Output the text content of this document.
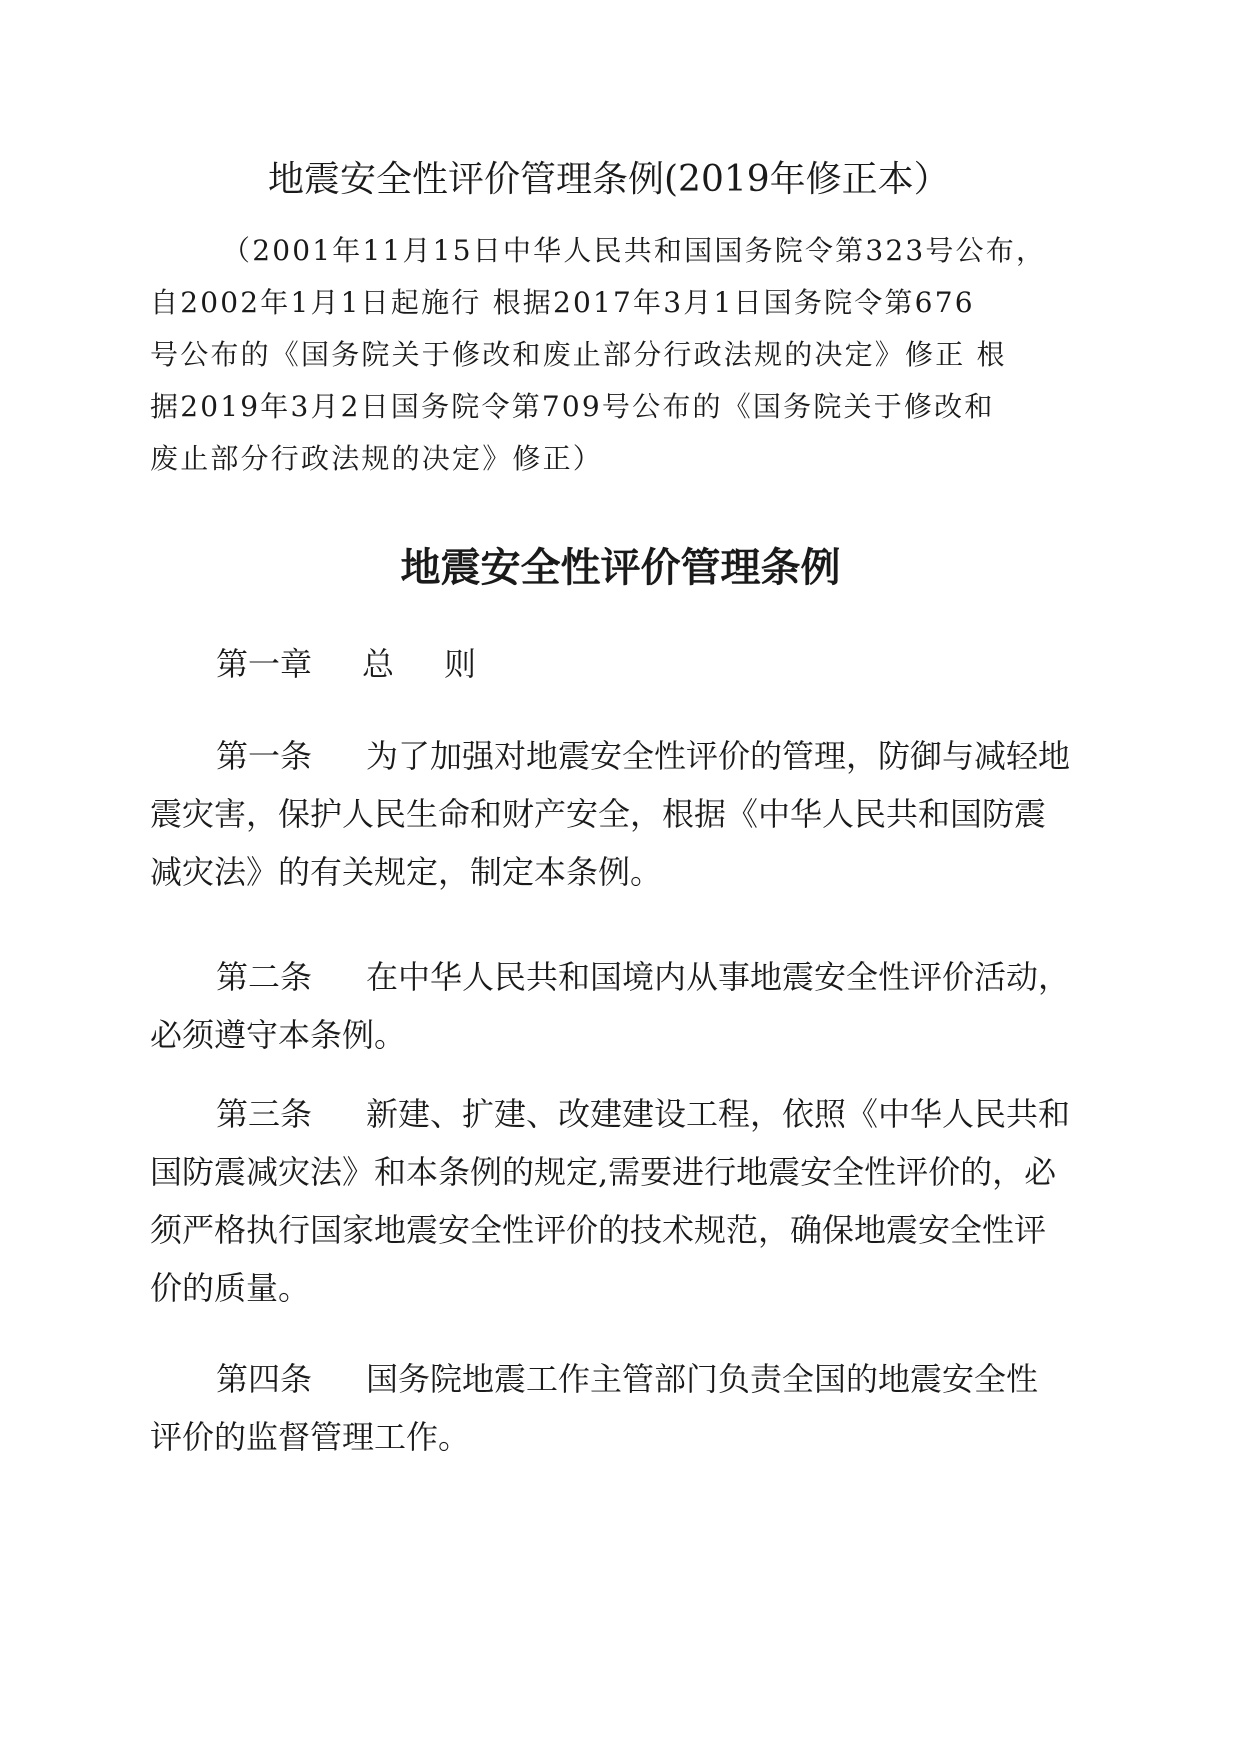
地震安全性评价管理条例(2019年修正本）
（2001年11月15日中华人民共和国国务院令第323号公布，
自2002年1月1日起施行 根据2017年3月1日国务院令第676
号公布的《国务院关于修改和废止部分行政法规的决定》修正 根
据2019年3月2日国务院令第709号公布的《国务院关于修改和
废止部分行政法规的决定》修正）
地震安全性评价管理条例
第一章 总 则
第一条 为了加强对地震安全性评价的管理，防御与减轻地
震灾害，保护人民生命和财产安全，根据《中华人民共和国防震
减灾法》的有关规定，制定本条例。
第二条 在中华人民共和国境内从事地震安全性评价活动，
必须遵守本条例。
第三条 新建、扩建、改建建设工程，依照《中华人民共和
国防震减灾法》和本条例的规定,需要进行地震安全性评价的，必
须严格执行国家地震安全性评价的技术规范，确保地震安全性评
价的质量。
第四条 国务院地震工作主管部门负责全国的地震安全性
评价的监督管理工作。
